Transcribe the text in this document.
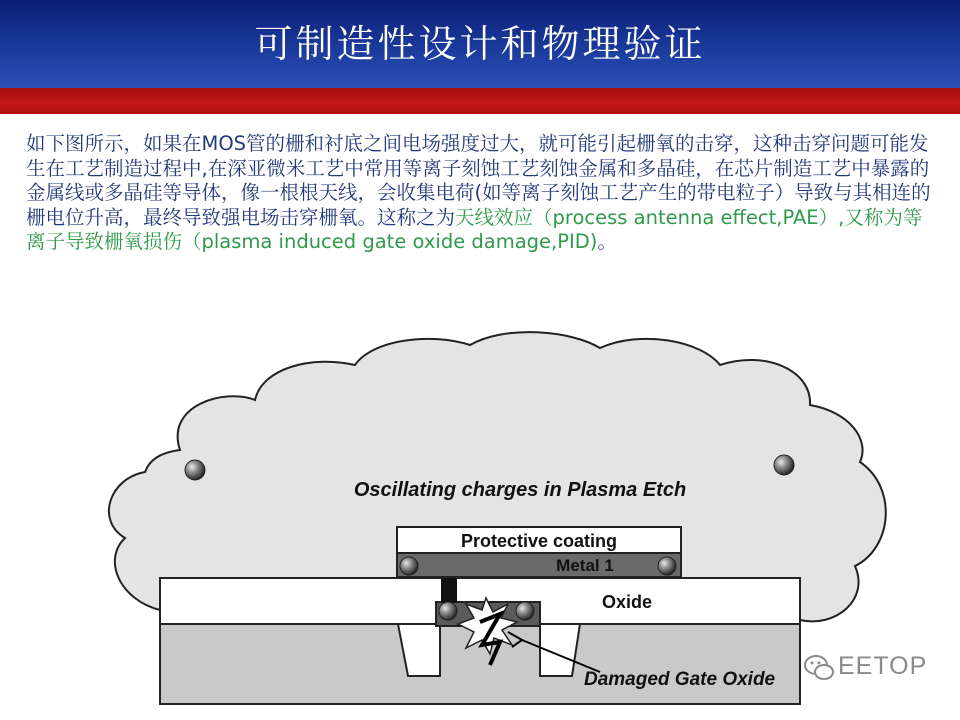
可制造性设计和物理验证
如下图所示，如果在MOS管的栅和衬底之间电场强度过大，就可能引起栅氧的击穿，这种击穿问题可能发生在工艺制造过程中,在深亚微米工艺中常用等离子刻蚀工艺刻蚀金属和多晶硅，在芯片制造工艺中暴露的金属线或多晶硅等导体，像一根根天线，会收集电荷(如等离子刻蚀工艺产生的带电粒子）导致与其相连的栅电位升高，最终导致强电场击穿栅氧。这称之为天线效应（process antenna effect,PAE）,又称为等离子导致栅氧损伤（plasma induced gate oxide damage,PID)。
Metal 1
Protective coating
Oxide
Oscillating charges in Plasma Etch
Damaged Gate Oxide	EETOP
